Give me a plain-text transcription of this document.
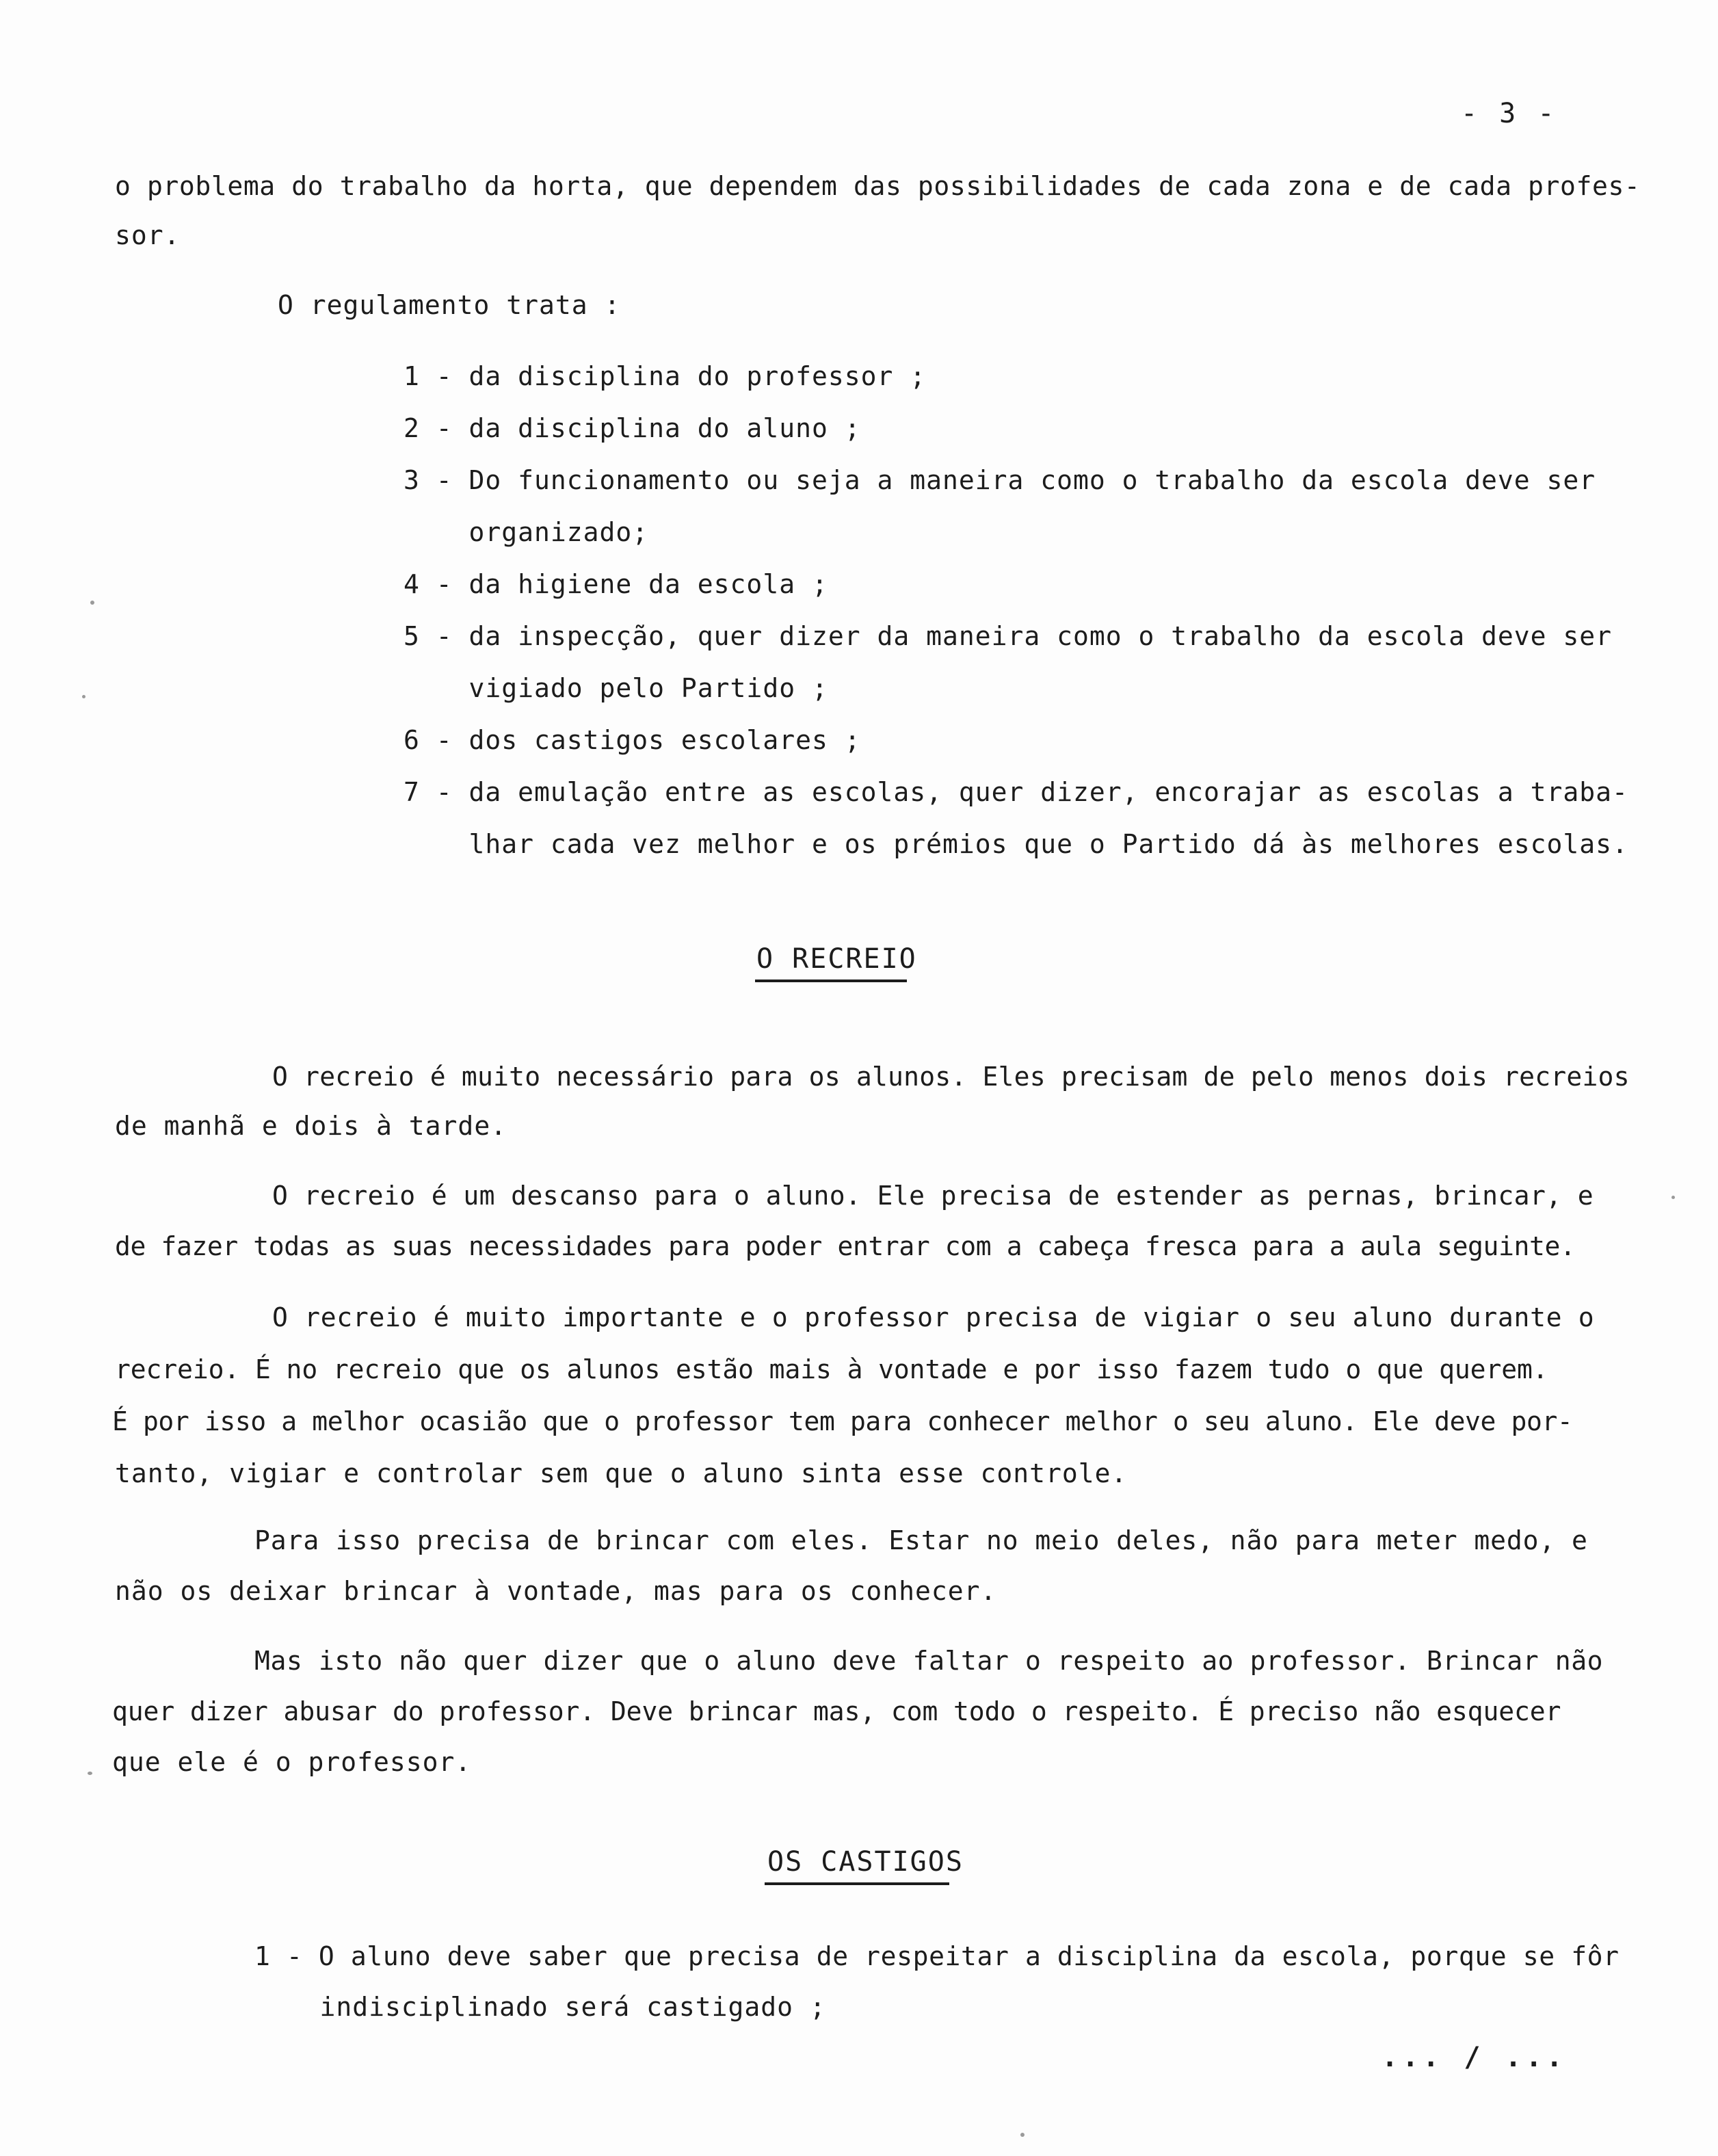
- 3 -
o problema do trabalho da horta, que dependem das possibilidades de cada zona e de cada profes-
sor.
O regulamento trata :
1 - da disciplina do professor ;
2 - da disciplina do aluno ;
3 - Do funcionamento ou seja a maneira como o trabalho da escola deve ser
organizado;
4 - da higiene da escola ;
5 - da inspecção, quer dizer da maneira como o trabalho da escola deve ser
vigiado pelo Partido ;
6 - dos castigos escolares ;
7 - da emulação entre as escolas, quer dizer, encorajar as escolas a traba-
lhar cada vez melhor e os prémios que o Partido dá às melhores escolas.
O RECREIO
O recreio é muito necessário para os alunos. Eles precisam de pelo menos dois recreios
de manhã e dois à tarde.
O recreio é um descanso para o aluno. Ele precisa de estender as pernas, brincar, e
de fazer todas as suas necessidades para poder entrar com a cabeça fresca para a aula seguinte.
O recreio é muito importante e o professor precisa de vigiar o seu aluno durante o
recreio. É no recreio que os alunos estão mais à vontade e por isso fazem tudo o que querem.
É por isso a melhor ocasião que o professor tem para conhecer melhor o seu aluno. Ele deve por-
tanto, vigiar e controlar sem que o aluno sinta esse controle.
Para isso precisa de brincar com eles. Estar no meio deles, não para meter medo, e
não os deixar brincar à vontade, mas para os conhecer.
Mas isto não quer dizer que o aluno deve faltar o respeito ao professor. Brincar não
quer dizer abusar do professor. Deve brincar mas, com todo o respeito. É preciso não esquecer
que ele é o professor.
OS CASTIGOS
1 - O aluno deve saber que precisa de respeitar a disciplina da escola, porque se fôr
indisciplinado será castigado ;
... / ...
